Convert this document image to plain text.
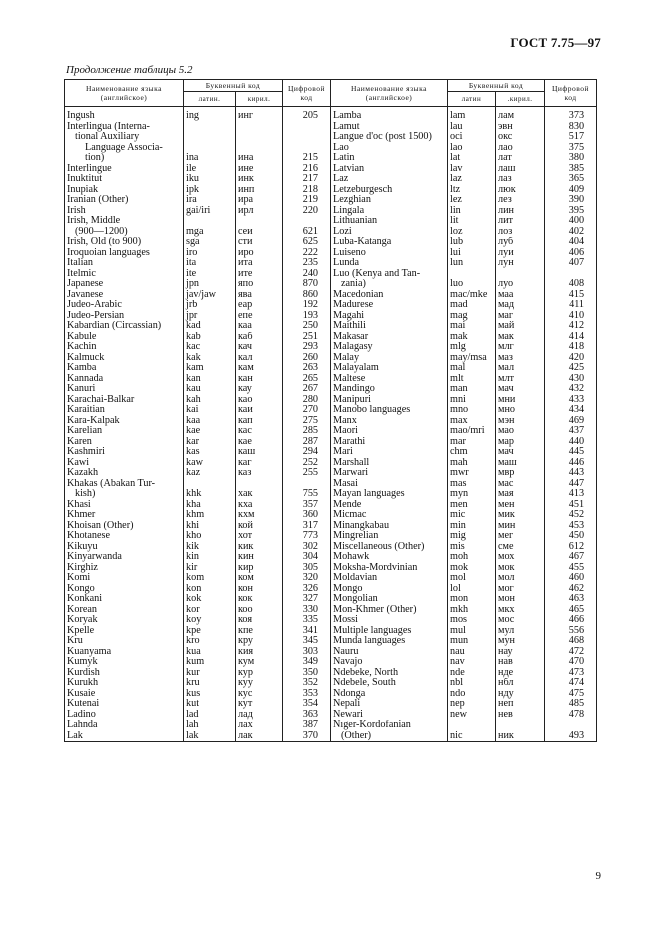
ГОСТ 7.75—97
Продолжение таблицы 5.2
Наименование языка (английское)	Буквенный код		Цифровой код	Наименование языка (английское)	Буквенный код		Цифровой код
	латин.	кирил.			латин	.кирил.	

Ingush	ing	инг	205	Lamba	lam	лам	373
Interlingua (Interna-				Lamut	lau	эвн	830
tional Auxiliary				Langue d'oc (post 1500)	oci	окс	517
Language Associa-				Lao	lao	лао	375
tion)	ina	ина	215	Latin	lat	лат	380
Interlingue	ile	ине	216	Latvian	lav	лаш	385
Inuktitut	iku	инк	217	Laz	laz	лаз	365
Inupiak	ipk	инп	218	Letzeburgesch	ltz	люк	409
Iranian (Other)	ira	ира	219	Lezghian	lez	лез	390
Irish	gai/iri	ирл	220	Lingala	lin	лин	395
Irish, Middle				Lithuanian	lit	лит	400
(900—1200)	mga	сеи	621	Lozi	loz	лоз	402
Irish, Old (to 900)	sga	сти	625	Luba-Katanga	lub	луб	404
Iroquoian languages	iro	иро	222	Luiseno	lui	луи	406
Italian	ita	ита	235	Lunda	lun	лун	407
Itelmic	ite	ите	240	Luo (Kenya and Tan-			
Japanese	jpn	япо	870	zania)	luo	луо	408
Javanese	jav/jaw	ява	860	Macedonian	mac/mke	маа	415
Judeo-Arabic	jrb	еар	192	Madurese	mad	мад	411
Judeo-Persian	jpr	епе	193	Magahi	mag	маг	410
Kabardian (Circassian)	kad	каа	250	Maithili	mai	май	412
Kabule	kab	каб	251	Makasar	mak	мак	414
Kachin	kac	кач	293	Malagasy	mlg	млг	418
Kalmuck	kak	кал	260	Malay	may/msa	маз	420
Kamba	kam	кам	263	Malayalam	mal	мал	425
Kannada	kan	кан	265	Maltese	mlt	млт	430
Kanuri	kau	кау	267	Mandingo	man	мач	432
Karachai-Balkar	kah	као	280	Manipuri	mni	мни	433
Karaitian	kai	каи	270	Manobo languages	mno	мно	434
Kara-Kalpak	kaa	кап	275	Manx	max	мэн	469
Karelian	kae	кас	285	Maori	mao/mri	мао	437
Karen	kar	кае	287	Marathi	mar	мар	440
Kashmiri	kas	каш	294	Mari	chm	мач	445
Kawi	kaw	каг	252	Marshall	mah	маш	446
Kazakh	kaz	каз	255	Marwari	mwr	мвр	443
Khakas (Abakan Tur-				Masai	mas	мас	447
kish)	khk	хак	755	Mayan languages	myn	мая	413
Khasi	kha	кха	357	Mende	men	мен	451
Khmer	khm	кхм	360	Micmac	mic	мик	452
Khoisan (Other)	khi	кой	317	Minangkabau	min	мин	453
Khotanese	kho	хот	773	Mingrelian	mig	мег	450
Kikuyu	kik	кик	302	Miscellaneous (Other)	mis	сме	612
Kinyarwanda	kin	кин	304	Mohawk	moh	мох	467
Kirghiz	kir	кир	305	Moksha-Mordvinian	mok	мок	455
Komi	kom	ком	320	Moldavian	mol	мол	460
Kongo	kon	кон	326	Mongo	lol	мог	462
Konkani	kok	кок	327	Mongolian	mon	мон	463
Korean	kor	коо	330	Mon-Khmer (Other)	mkh	мкх	465
Koryak	koy	коя	335	Mossi	mos	мос	466
Kpelle	kpe	кпе	341	Multiple languages	mul	мул	556
Kru	kro	кру	345	Munda languages	mun	мун	468
Kuanyama	kua	кия	303	Nauru	nau	нау	472
Kumyk	kum	кум	349	Navajo	nav	нав	470
Kurdish	kur	кур	350	Ndebeke, North	nde	нде	473
Kurukh	kru	куу	352	Ndebele, South	nbl	нбл	474
Kusaie	kus	кус	353	Ndonga	ndo	нду	475
Kutenai	kut	кут	354	Nepali	nep	неп	485
Ladino	lad	лад	363	Newari	new	нев	478
Lahnda	lah	лах	387	Nıger-Kordofanian			
Lak	lak	лак	370	(Other)	nic	ник	493
9
